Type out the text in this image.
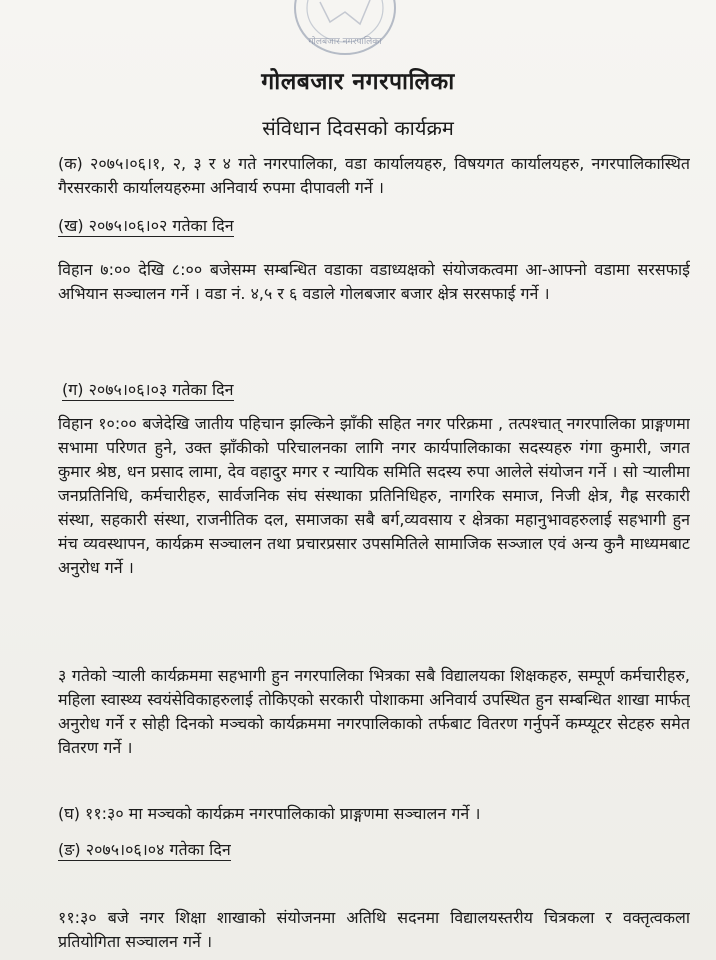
गोलबजार नगरपालिका
गोलबजार नगरपालिका
संविधान दिवसको कार्यक्रम
(क) २०७५।०६।१, २, ३ र ४ गते नगरपालिका, वडा कार्यालयहरु, विषयगत कार्यालयहरु, नगरपालिकास्थित गैरसरकारी कार्यालयहरुमा अनिवार्य रुपमा दीपावली गर्ने ।
(ख) २०७५।०६।०२ गतेका दिन
विहान ७:०० देखि ८:०० बजेसम्म सम्बन्धित वडाका वडाध्यक्षको संयोजकत्वमा आ-आफ्नो वडामा सरसफाई अभियान सञ्चालन गर्ने । वडा नं. ४,५ र ६ वडाले गोलबजार बजार क्षेत्र सरसफाई गर्ने ।
(ग) २०७५।०६।०३ गतेका दिन
विहान १०:०० बजेदेखि जातीय पहिचान झल्किने झाँकी सहित नगर परिक्रमा , तत्पश्चात् नगरपालिका प्राङ्गणमा सभामा परिणत हुने, उक्त झाँकीको परिचालनका लागि नगर कार्यपालिकाका सदस्यहरु गंगा कुमारी, जगत कुमार श्रेष्ठ, धन प्रसाद लामा, देव वहादुर मगर र न्यायिक समिति सदस्य रुपा आलेले संयोजन गर्ने । सो र्‍यालीमा जनप्रतिनिधि, कर्मचारीहरु, सार्वजनिक संघ संस्थाका प्रतिनिधिहरु, नागरिक समाज, निजी क्षेत्र, गैह्र सरकारी संस्था, सहकारी संस्था, राजनीतिक दल, समाजका सबै बर्ग,व्यवसाय र क्षेत्रका महानुभावहरुलाई सहभागी हुन मंच व्यवस्थापन, कार्यक्रम सञ्चालन तथा प्रचारप्रसार उपसमितिले सामाजिक सञ्जाल एवं अन्य कुनै माध्यमबाट अनुरोध गर्ने ।
३ गतेको र्‍याली कार्यक्रममा सहभागी हुन नगरपालिका भित्रका सबै विद्यालयका शिक्षकहरु, सम्पूर्ण कर्मचारीहरु, महिला स्वास्थ्य स्वयंसेविकाहरुलाई तोकिएको सरकारी पोशाकमा अनिवार्य उपस्थित हुन सम्बन्धित शाखा मार्फत् अनुरोध गर्ने र सोही दिनको मञ्चको कार्यक्रममा नगरपालिकाको तर्फबाट वितरण गर्नुपर्ने कम्प्यूटर सेटहरु समेत वितरण गर्ने ।
(घ) ११:३० मा मञ्चको कार्यक्रम नगरपालिकाको प्राङ्गणमा सञ्चालन गर्ने ।
(ङ) २०७५।०६।०४ गतेका दिन
११:३० बजे नगर शिक्षा शाखाको संयोजनमा अतिथि सदनमा विद्यालयस्तरीय चित्रकला र वक्तृत्वकला प्रतियोगिता सञ्चालन गर्ने ।
